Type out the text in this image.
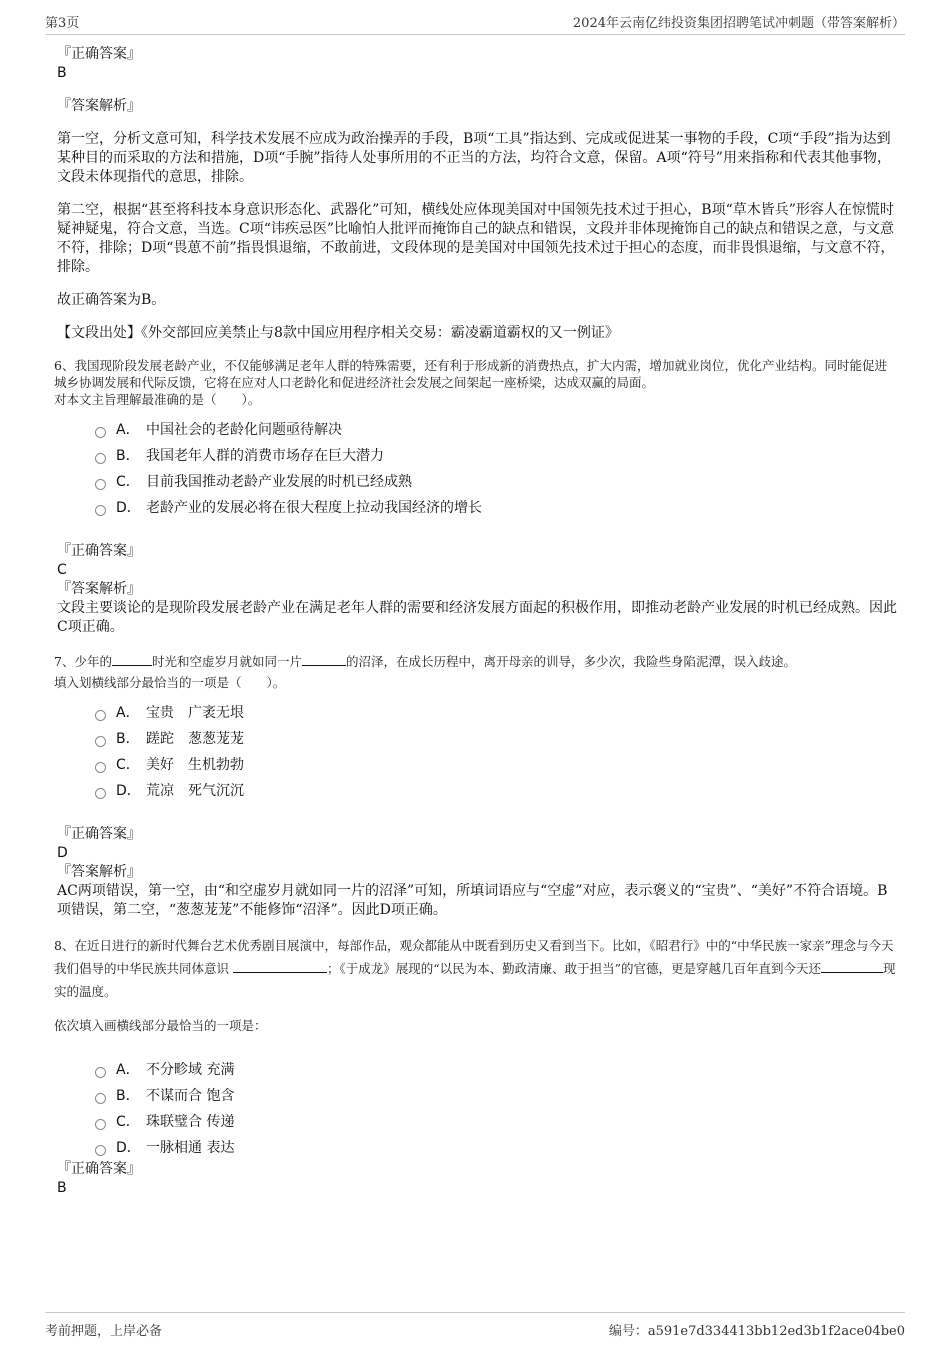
第3页	2024年云南亿纬投资集团招聘笔试冲刺题（带答案解析）
『正确答案』
B
『答案解析』

第一空，分析文意可知，科学技术发展不应成为政治操弄的手段，B项“工具”指达到、完成或促进某一事物的手段，C项“手段”指为达到某种目的而采取的方法和措施，D项“手腕”指待人处事所用的不正当的方法，均符合文意，保留。A项“符号”用来指称和代表其他事物，文段未体现指代的意思，排除。

第二空，根据“甚至将科技本身意识形态化、武器化”可知，横线处应体现美国对中国领先技术过于担心，B项“草木皆兵”形容人在惊慌时疑神疑鬼，符合文意，当选。C项“讳疾忌医”比喻怕人批评而掩饰自己的缺点和错误，文段并非体现掩饰自己的缺点和错误之意，与文意不符，排除；D项“畏葸不前”指畏惧退缩，不敢前进，文段体现的是美国对中国领先技术过于担心的态度，而非畏惧退缩，与文意不符，排除。

故正确答案为B。

【文段出处】《外交部回应美禁止与8款中国应用程序相关交易：霸凌霸道霸权的又一例证》

6、我国现阶段发展老龄产业，不仅能够满足老年人群的特殊需要，还有利于形成新的消费热点，扩大内需，增加就业岗位，优化产业结构。同时能促进城乡协调发展和代际反馈，它将在应对人口老龄化和促进经济社会发展之间架起一座桥梁，达成双赢的局面。

对本文主旨理解最准确的是（　　）。

A． 中国社会的老龄化问题亟待解决
B． 我国老年人群的消费市场存在巨大潜力
C． 目前我国推动老龄产业发展的时机已经成熟
D． 老龄产业的发展必将在很大程度上拉动我国经济的增长
『正确答案』
C
『答案解析』

文段主要谈论的是现阶段发展老龄产业在满足老年人群的需要和经济发展方面起的积极作用，即推动老龄产业发展的时机已经成熟。因此C项正确。

7、少年的	时光和空虚岁月就如同一片	的沼泽，在成长历程中，离开母亲的训导，多少次，我险些身陷泥潭，误入歧途。

填入划横线部分最恰当的一项是（　　）。

A． 宝贵　广袤无垠
B． 蹉跎　葱葱茏茏
C． 美好　生机勃勃
D． 荒凉　死气沉沉
『正确答案』
D
『答案解析』

AC两项错误，第一空，由“和空虚岁月就如同一片的沼泽”可知，所填词语应与“空虚”对应，表示褒义的“宝贵”、“美好”不符合语境。B项错误，第二空，“葱葱茏茏”不能修饰“沼泽”。因此D项正确。

8、在近日进行的新时代舞台艺术优秀剧目展演中，每部作品，观众都能从中既看到历史又看到当下。比如，《昭君行》中的“中华民族一家亲”理念与今天我们倡导的中华民族共同体意识	；《于成龙》展现的“以民为本、勤政清廉、敢于担当”的官德，更是穿越几百年直到今天还	现实的温度。

依次填入画横线部分最恰当的一项是：

A． 不分畛域 充满
B． 不谋而合 饱含
C． 珠联璧合 传递
D． 一脉相通 表达
『正确答案』
B
考前押题，上岸必备	编号：a591e7d334413bb12ed3b1f2ace04be0
